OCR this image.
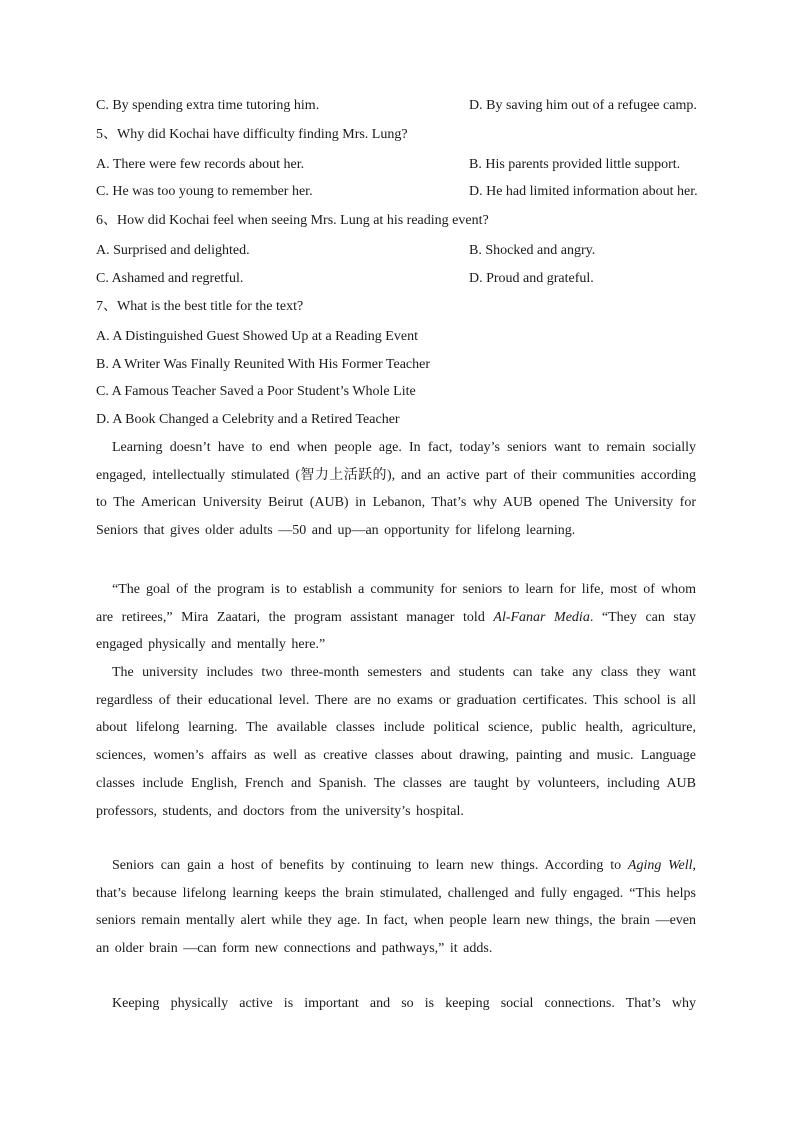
C. By spending extra time tutoring him.	D. By saving him out of a refugee camp.
5、Why did Kochai have difficulty finding Mrs. Lung?
A. There were few records about her.	B. His parents provided little support.
C. He was too young to remember her.	D. He had limited information about her.
6、How did Kochai feel when seeing Mrs. Lung at his reading event?
A. Surprised and delighted.	B. Shocked and angry.
C. Ashamed and regretful.	D. Proud and grateful.
7、What is the best title for the text?
A. A Distinguished Guest Showed Up at a Reading Event
B. A Writer Was Finally Reunited With His Former Teacher
C. A Famous Teacher Saved a Poor Student’s Whole Lite
D. A Book Changed a Celebrity and a Retired Teacher

Learning doesn’t have to end when people age. In fact, today’s seniors want to remain socially engaged, intellectually stimulated (智力上活跃的), and an active part of their communities according to The American University Beirut (AUB) in Lebanon, That’s why AUB opened The University for Seniors that gives older adults —50 and up—an opportunity for lifelong learning.

“The goal of the program is to establish a community for seniors to learn for life, most of whom are retirees,” Mira Zaatari, the program assistant manager told Al-Fanar Media. “They can stay engaged physically and mentally here.”

The university includes two three-month semesters and students can take any class they want regardless of their educational level. There are no exams or graduation certificates. This school is all about lifelong learning. The available classes include political science, public health, agriculture, sciences, women’s affairs as well as creative classes about drawing, painting and music. Language classes include English, French and Spanish. The classes are taught by volunteers, including AUB professors, students, and doctors from the university’s hospital.

Seniors can gain a host of benefits by continuing to learn new things. According to Aging Well, that’s because lifelong learning keeps the brain stimulated, challenged and fully engaged. “This helps seniors remain mentally alert while they age. In fact, when people learn new things, the brain —even an older brain —can form new connections and pathways,” it adds.

Keeping physically active is important and so is keeping social connections. That’s why
